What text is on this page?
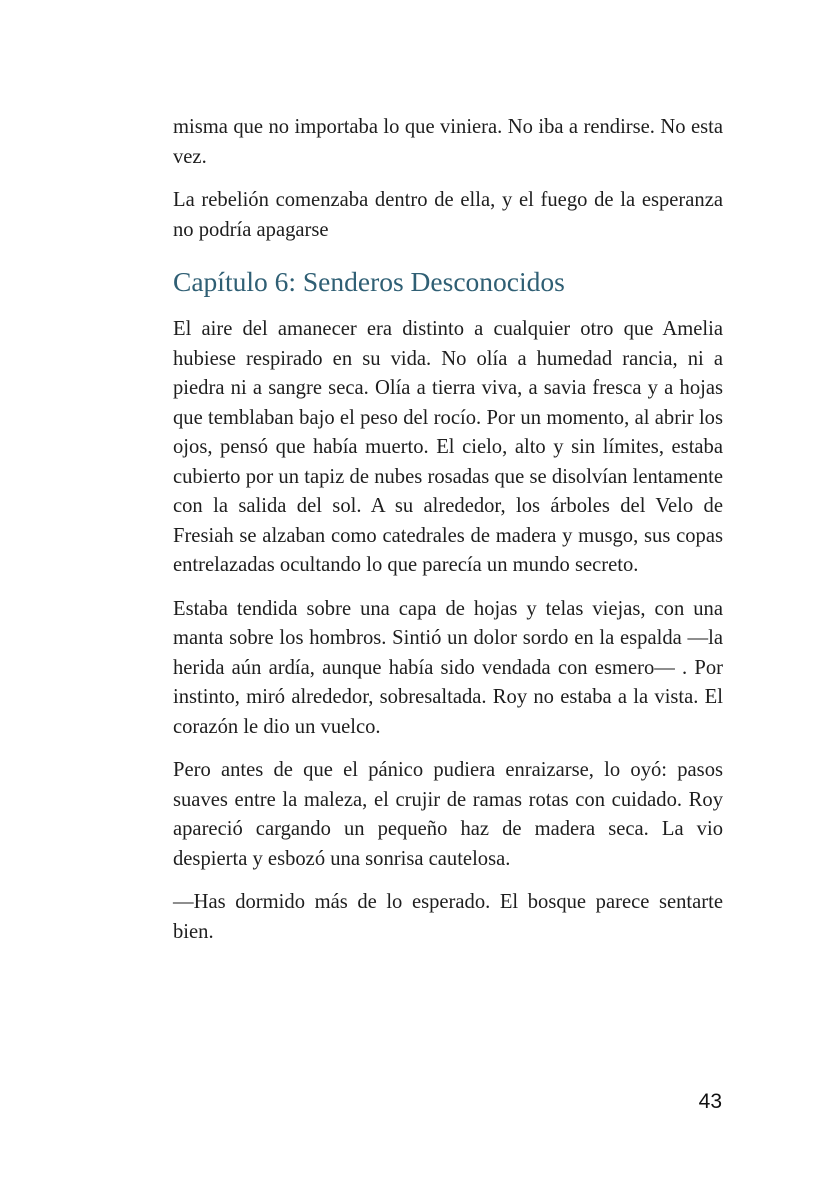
misma que no importaba lo que viniera. No iba a rendirse. No esta vez.

La rebelión comenzaba dentro de ella, y el fuego de la esperanza no podría apagarse

Capítulo 6: Senderos Desconocidos

El aire del amanecer era distinto a cualquier otro que Amelia hubiese respirado en su vida. No olía a humedad rancia, ni a piedra ni a sangre seca. Olía a tierra viva, a savia fresca y a hojas que temblaban bajo el peso del rocío. Por un momento, al abrir los ojos, pensó que había muerto. El cielo, alto y sin límites, estaba cubierto por un tapiz de nubes rosadas que se disolvían lentamente con la salida del sol. A su alrededor, los árboles del Velo de Fresiah se alzaban como catedrales de madera y musgo, sus copas entrelazadas ocultando lo que parecía un mundo secreto.

Estaba tendida sobre una capa de hojas y telas viejas, con una manta sobre los hombros. Sintió un dolor sordo en la espalda —la herida aún ardía, aunque había sido vendada con esmero— . Por instinto, miró alrededor, sobresaltada. Roy no estaba a la vista. El corazón le dio un vuelco.

Pero antes de que el pánico pudiera enraizarse, lo oyó: pasos suaves entre la maleza, el crujir de ramas rotas con cuidado. Roy apareció cargando un pequeño haz de madera seca. La vio despierta y esbozó una sonrisa cautelosa.

—Has dormido más de lo esperado. El bosque parece sentarte bien.

43
